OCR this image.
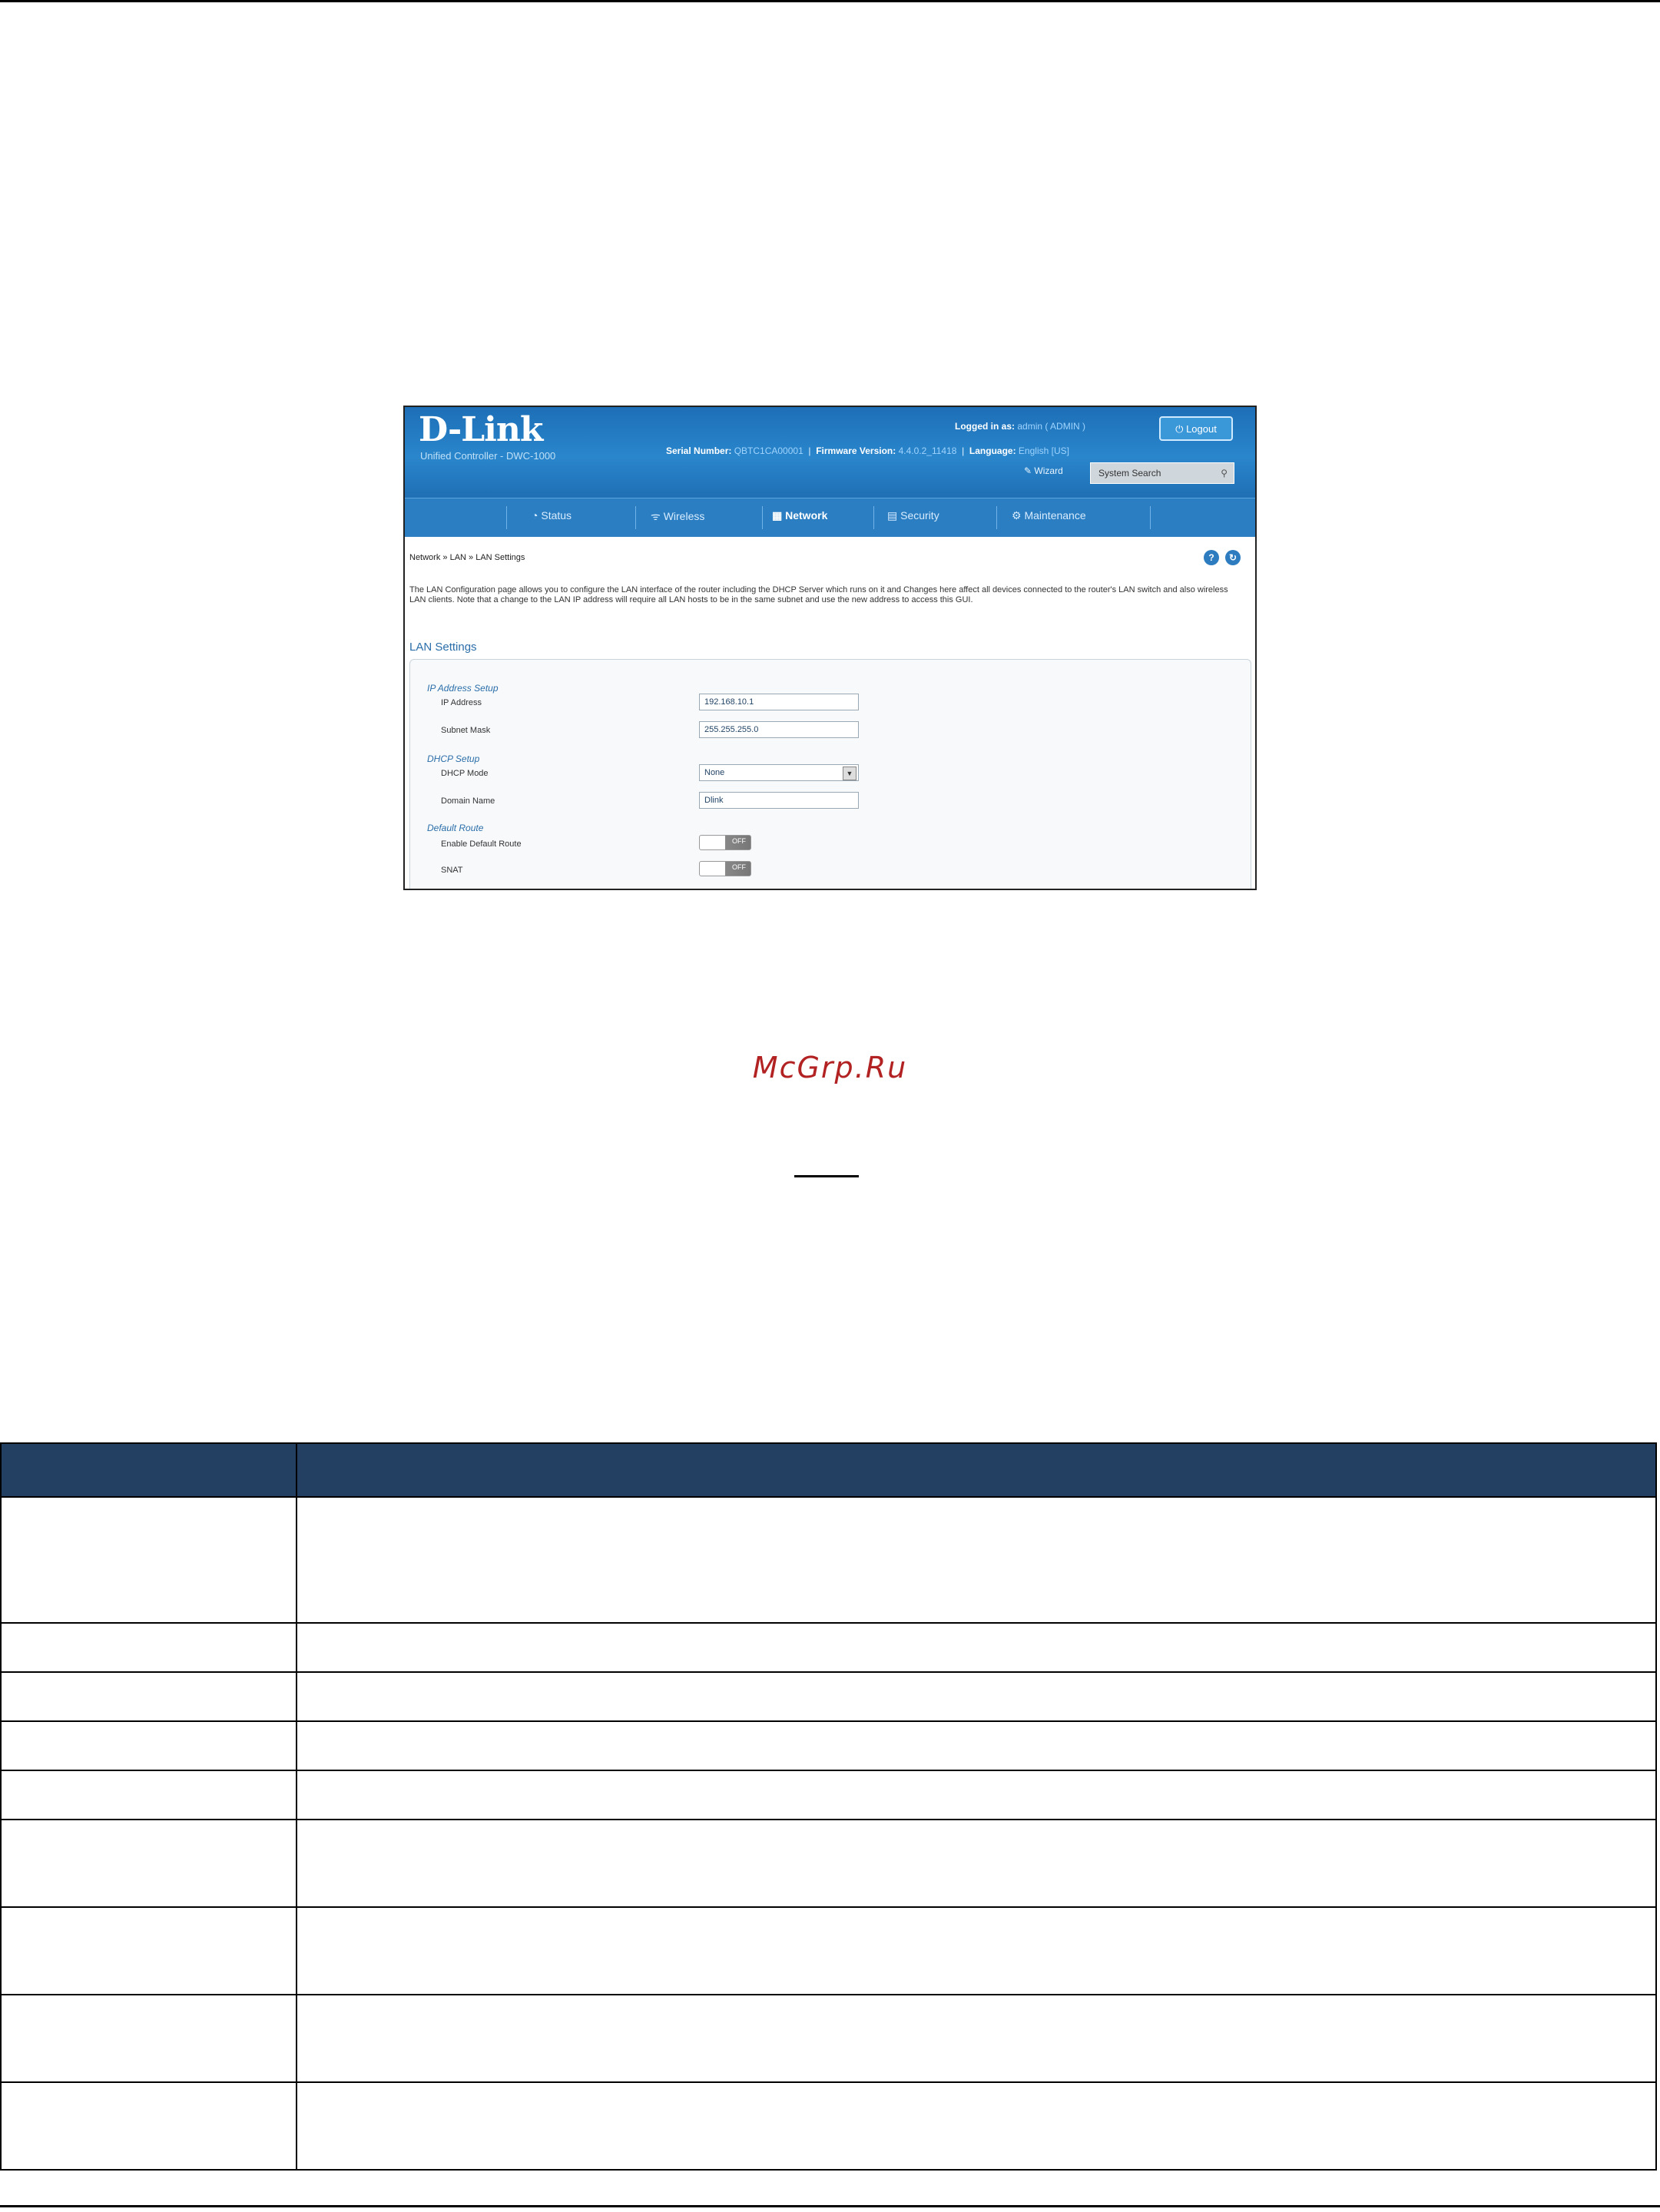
D-Link
Unified Controller - DWC-1000
Logged in as: admin ( ADMIN )	⏻ Logout
Serial Number: QBTC1CA00001  |  Firmware Version: 4.4.0.2_11418  |  Language: English [US]
✎ Wizard	System Search	⚲
◔ Status	ᯤ Wireless	▦ Network	▤ Security	⚙ Maintenance
Network » LAN » LAN Settings	?	↻
The LAN Configuration page allows you to configure the LAN interface of the router including the DHCP Server which runs on it and Changes here affect all devices connected to the router's LAN switch and also wireless LAN clients. Note that a change to the LAN IP address will require all LAN hosts to be in the same subnet and use the new address to access this GUI.
LAN Settings
IP Address Setup
IP Address	192.168.10.1
Subnet Mask	255.255.255.0
DHCP Setup
DHCP Mode	None	▼
Domain Name	Dlink
Default Route
Enable Default Route	OFF
SNAT	OFF
McGrp.Ru
